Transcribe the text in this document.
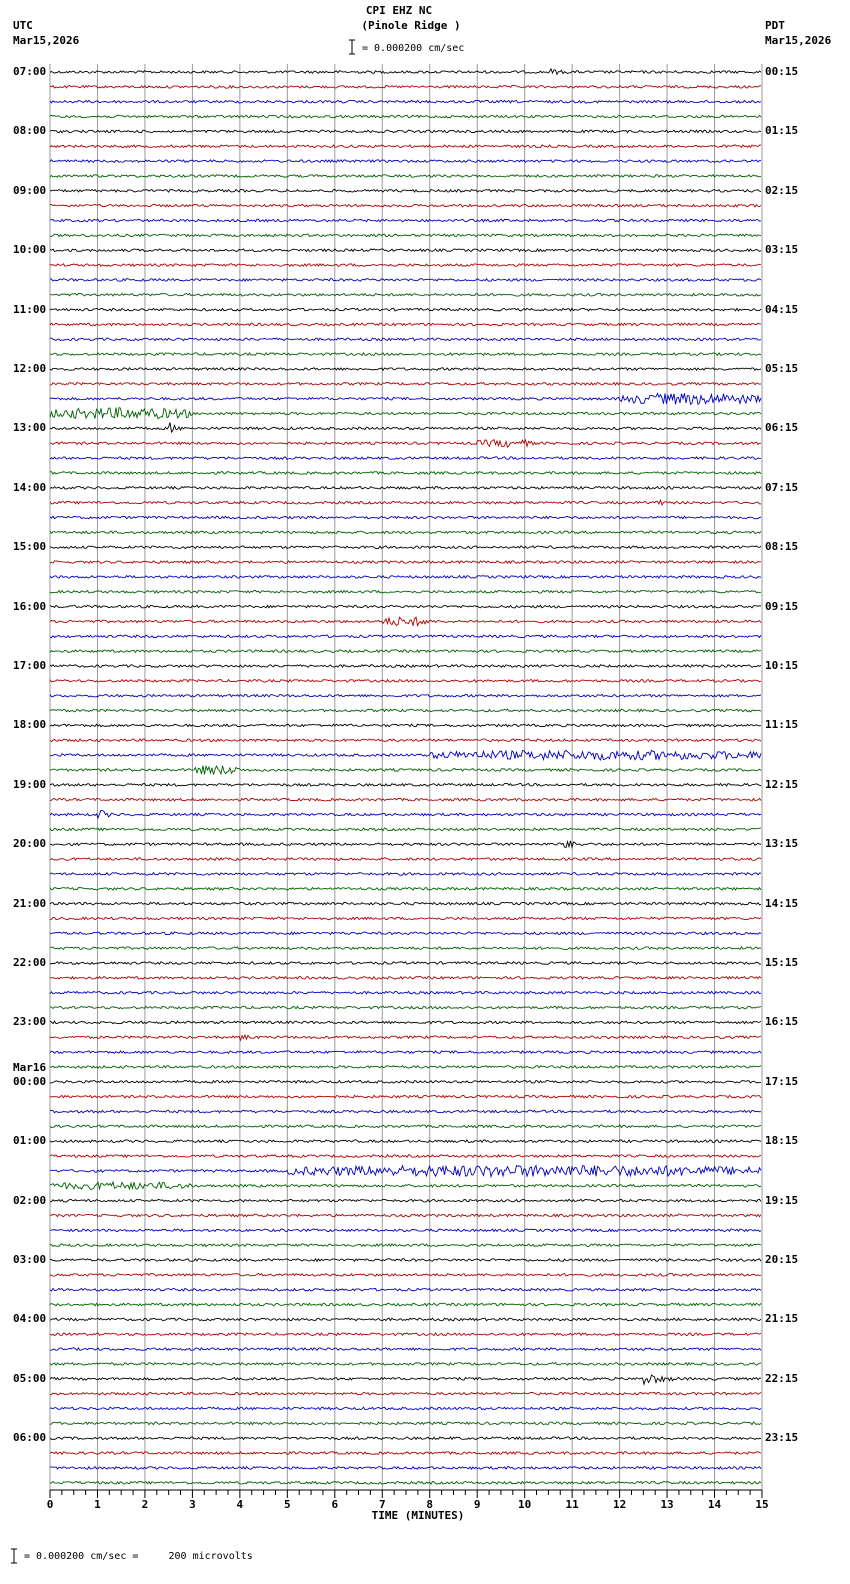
CPI EHZ NC
(Pinole Ridge )
= 0.000200 cm/sec
UTC
Mar15,2026
PDT
Mar15,2026
07:00
08:00
09:00
10:00
11:00
12:00
13:00
14:00
15:00
16:00
17:00
18:00
19:00
20:00
21:00
22:00
23:00
00:00
01:00
02:00
03:00
04:00
05:00
06:00
00:15
01:15
02:15
03:15
04:15
05:15
06:15
07:15
08:15
09:15
10:15
11:15
12:15
13:15
14:15
15:15
16:15
17:15
18:15
19:15
20:15
21:15
22:15
23:15
Mar16
0	1	2	3	4	5	6	7	8	9	10	11	12	13	14	15
TIME (MINUTES)
= 0.000200 cm/sec =     200 microvolts
